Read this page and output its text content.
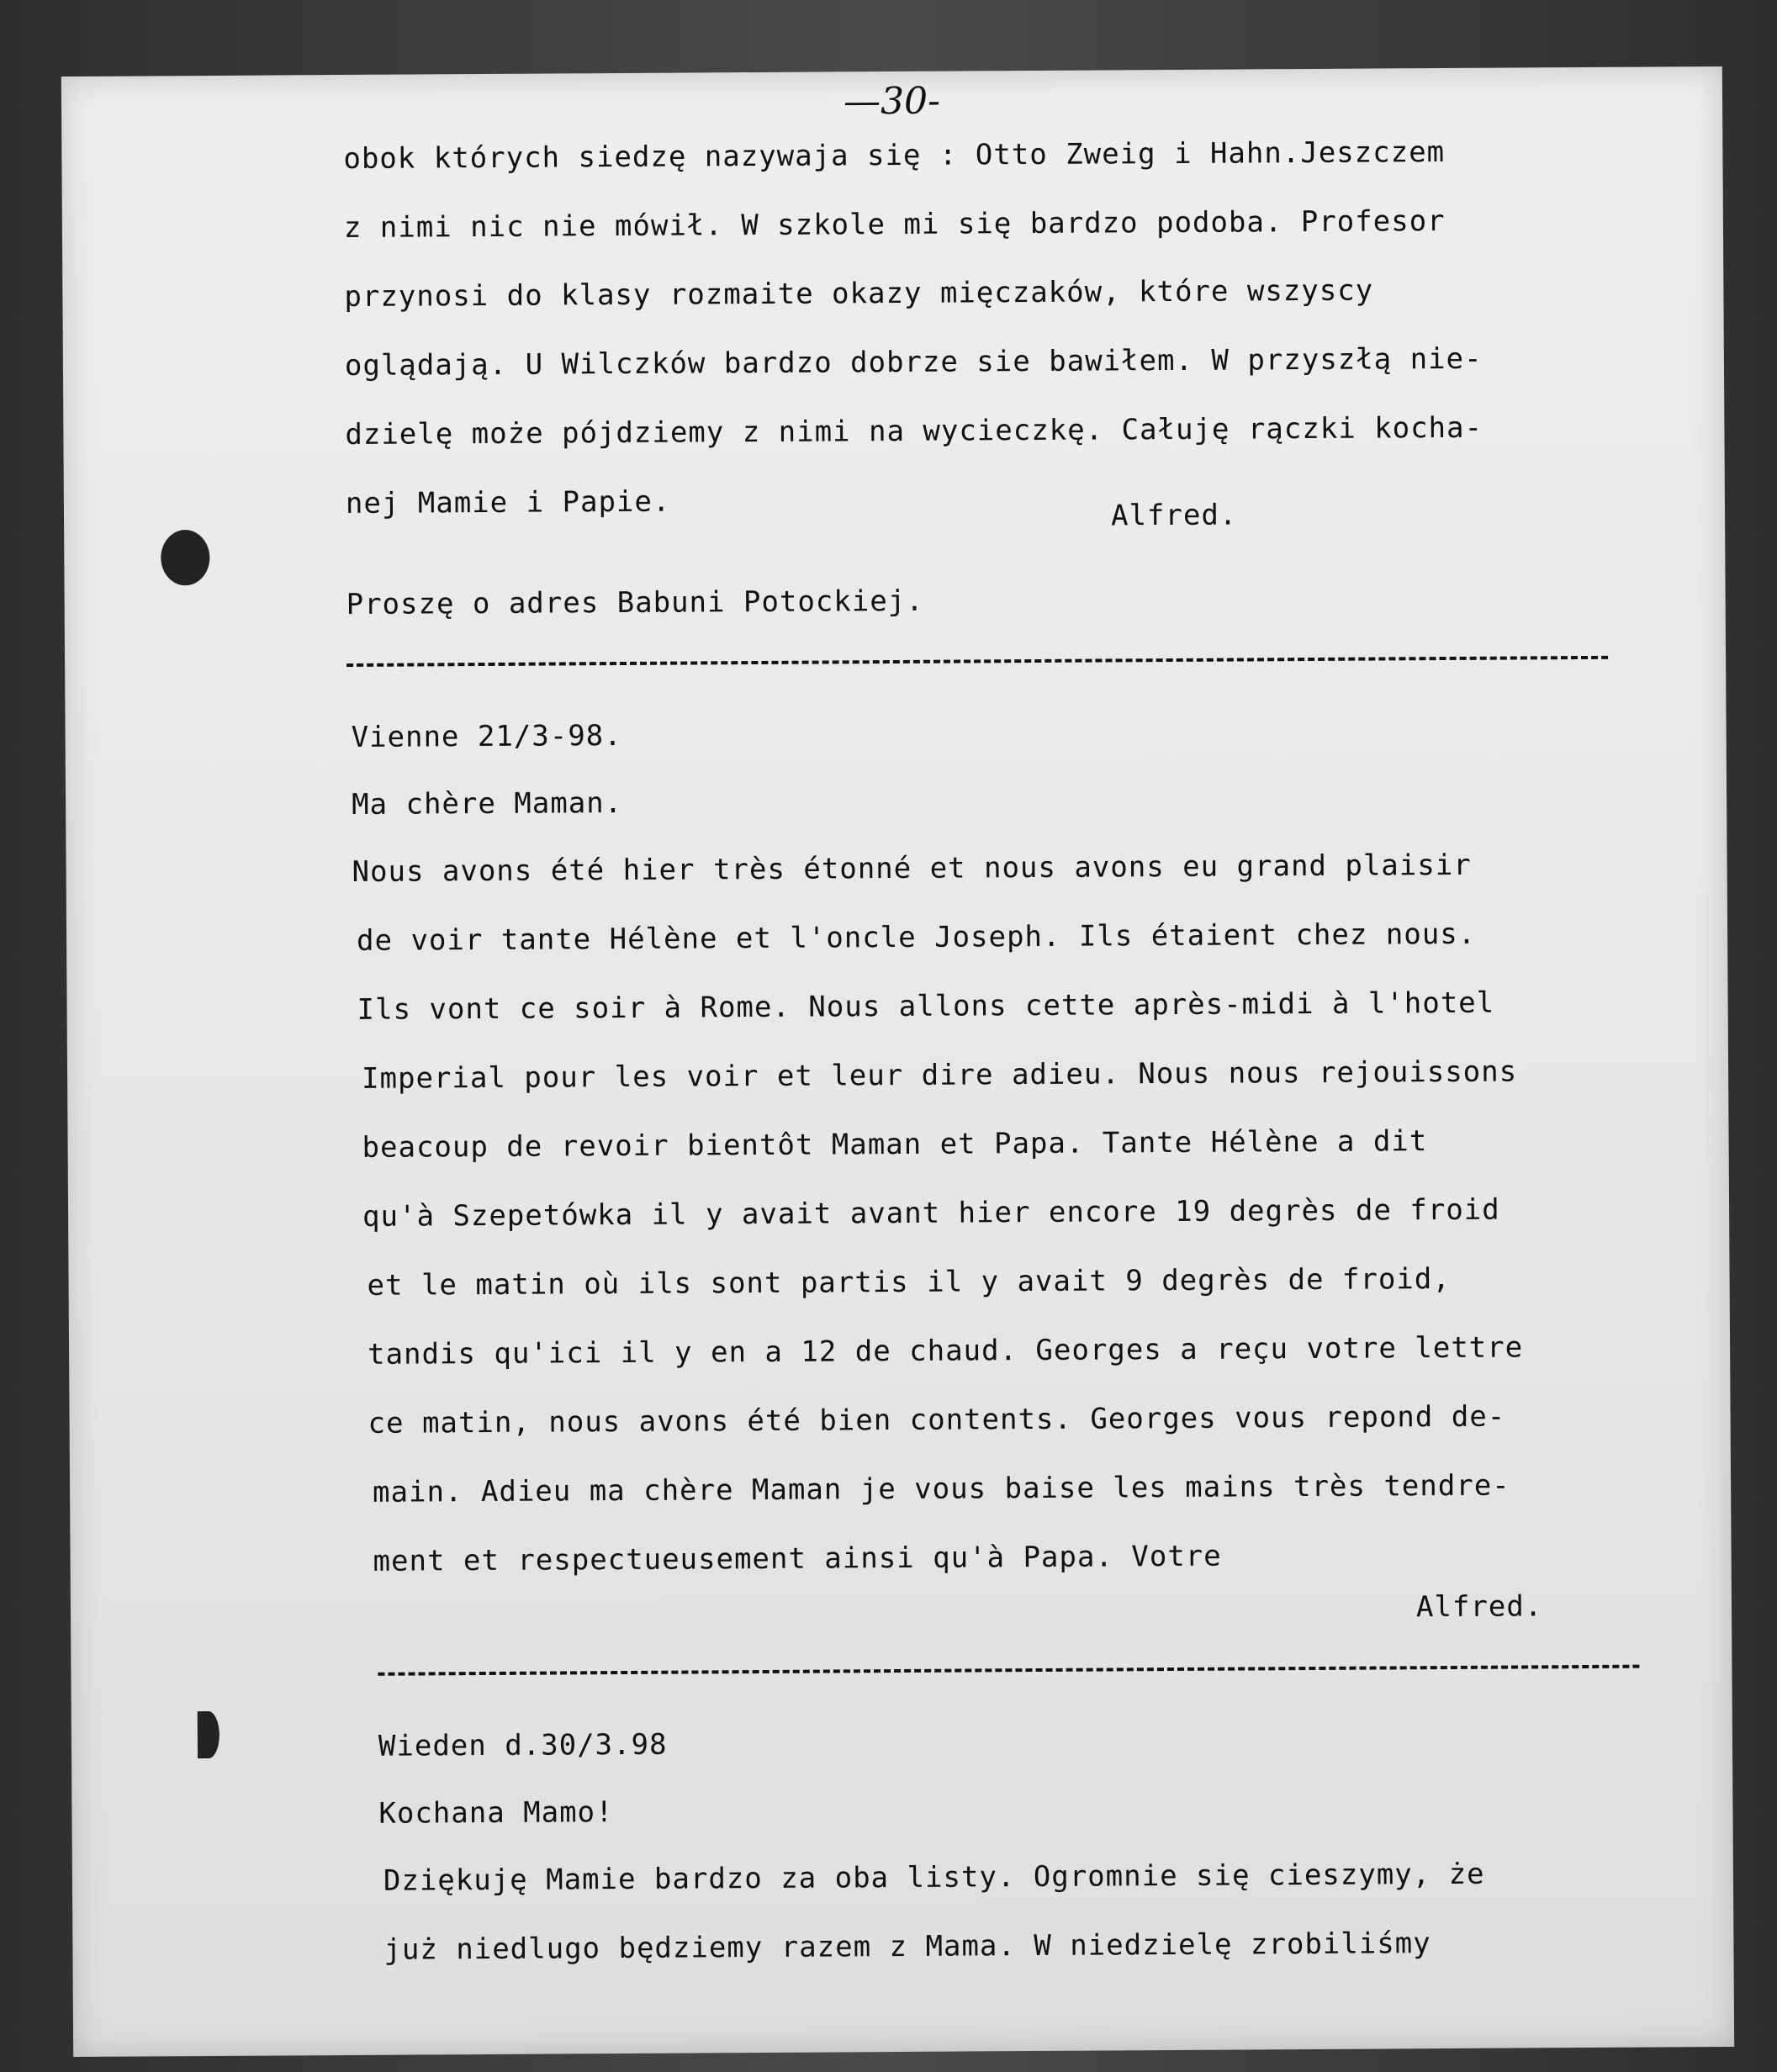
—30-

obok których siedzę nazywaja się : Otto Zweig i Hahn.Jeszczem

z nimi nic nie mówił. W szkole mi się bardzo podoba. Profesor

przynosi do klasy rozmaite okazy mięczaków, które wszyscy

oglądają. U Wilczków bardzo dobrze sie bawiłem. W przyszłą nie-

dzielę może pójdziemy z nimi na wycieczkę. Całuję rączki kocha-

nej Mamie i Papie.	Alfred.

Proszę o adres Babuni Potockiej.

Vienne 21/3-98.

Ma chère Maman.

Nous avons été hier très étonné et nous avons eu grand plaisir

de voir tante Hélène et l'oncle Joseph. Ils étaient chez nous.

Ils vont ce soir à Rome. Nous allons cette après-midi à l'hotel

Imperial pour les voir et leur dire adieu. Nous nous rejouissons

beacoup de revoir bientôt Maman et Papa. Tante Hélène a dit

qu'à Szepetówka il y avait avant hier encore 19 degrès de froid

et le matin où ils sont partis il y avait 9 degrès de froid,

tandis qu'ici il y en a 12 de chaud. Georges a reçu votre lettre

ce matin, nous avons été bien contents. Georges vous repond de-

main. Adieu ma chère Maman je vous baise les mains très tendre-

ment et respectueusement ainsi qu'à Papa. Votre

Alfred.

Wieden d.30/3.98

Kochana Mamo!

Dziękuję Mamie bardzo za oba listy. Ogromnie się cieszymy, że

już niedlugo będziemy razem z Mama. W niedzielę zrobiliśmy
